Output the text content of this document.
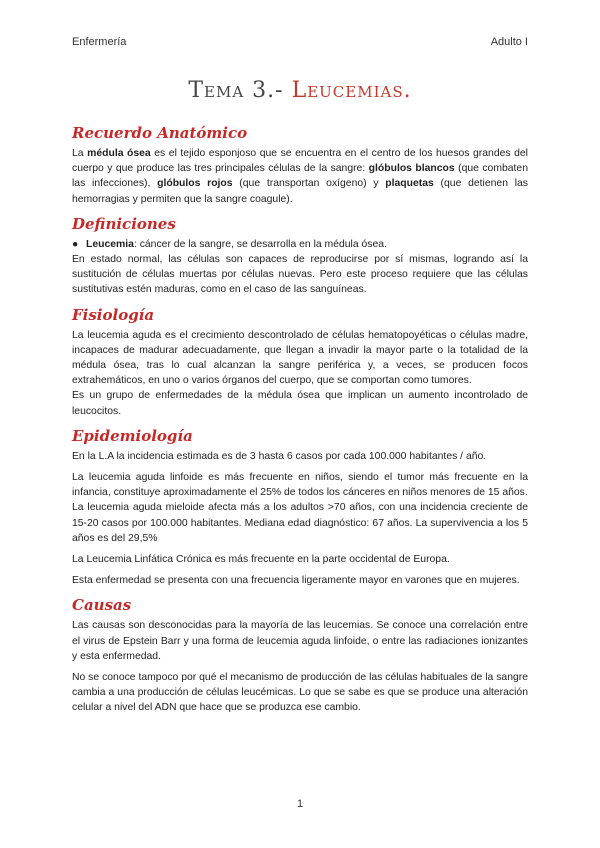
Enfermería	Adulto I
Tema 3.- Leucemias.
Recuerdo Anatómico

La médula ósea es el tejido esponjoso que se encuentra en el centro de los huesos grandes del cuerpo y que produce las tres principales células de la sangre: glóbulos blancos (que combaten las infecciones), glóbulos rojos (que transportan oxígeno) y plaquetas (que detienen las hemorragias y permiten que la sangre coagule).

Definiciones

● Leucemia: cáncer de la sangre, se desarrolla en la médula ósea.

En estado normal, las células son capaces de reproducirse por sí mismas, logrando así la sustitución de células muertas por células nuevas. Pero este proceso requiere que las células sustitutivas estén maduras, como en el caso de las sanguíneas.

Fisiología

La leucemia aguda es el crecimiento descontrolado de células hematopoyéticas o células madre, incapaces de madurar adecuadamente, que llegan a invadir la mayor parte o la totalidad de la médula ósea, tras lo cual alcanzan la sangre periférica y, a veces, se producen focos extrahemáticos, en uno o varios órganos del cuerpo, que se comportan como tumores.

Es un grupo de enfermedades de la médula ósea que implican un aumento incontrolado de leucocitos.

Epidemiología

En la L.A la incidencia estimada es de 3 hasta 6 casos por cada 100.000 habitantes / año.

La leucemia aguda linfoide es más frecuente en niños, siendo el tumor más frecuente en la infancia, constituye aproximadamente el 25% de todos los cánceres en niños menores de 15 años.

La leucemia aguda mieloide afecta más a los adultos >70 años, con una incidencia creciente de 15-20 casos por 100.000 habitantes. Mediana edad diagnóstico: 67 años. La supervivencia a los 5 años es del 29,5%

La Leucemia Linfática Crónica es más frecuente en la parte occidental de Europa.

Esta enfermedad se presenta con una frecuencia ligeramente mayor en varones que en mujeres.

Causas

Las causas son desconocidas para la mayoría de las leucemias. Se conoce una correlación entre el virus de Epstein Barr y una forma de leucemia aguda linfoide, o entre las radiaciones ionizantes y esta enfermedad.

No se conoce tampoco por qué el mecanismo de producción de las células habituales de la sangre cambia a una producción de células leucémicas. Lo que se sabe es que se produce una alteración celular a nivel del ADN que hace que se produzca ese cambio.

1
